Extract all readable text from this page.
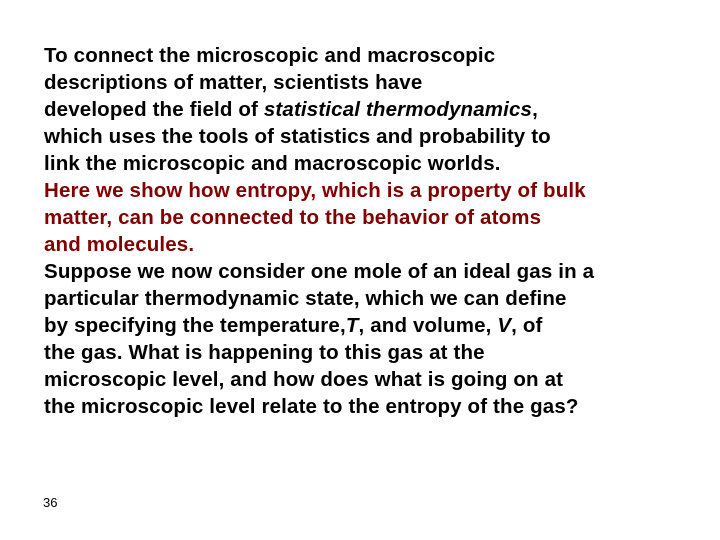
To connect the microscopic and macroscopic
descriptions of matter, scientists have
developed the field of statistical thermodynamics,
which uses the tools of statistics and probability to
link the microscopic and macroscopic worlds.

Here we show how entropy, which is a property of bulk
matter, can be connected to the behavior of atoms
and molecules.

Suppose we now consider one mole of an ideal gas in a
particular thermodynamic state, which we can define
by specifying the temperature,T, and volume, V, of
the gas. What is happening to this gas at the
microscopic level, and how does what is going on at
the microscopic level relate to the entropy of the gas?

36
